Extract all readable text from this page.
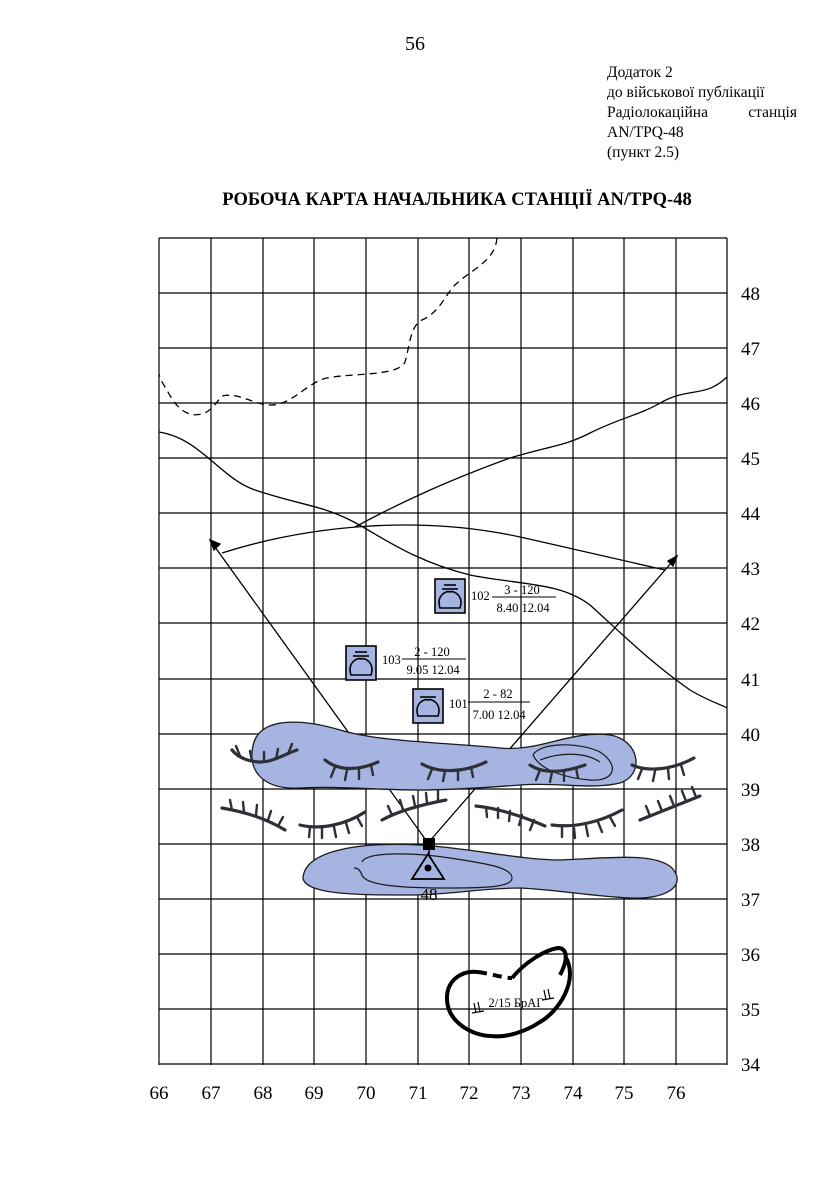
56
Додаток 2
до військової публікації
Радіолокаційна	станція
AN/TPQ-48
(пункт 2.5)
РОБОЧА КАРТА НАЧАЛЬНИКА СТАНЦІЇ AN/TPQ-48
48
47
46
45
44
43
42
41
40
39
38
37
36
35
34
66 67 68 69 70 71 72 73 74 75 76
102 3 - 120
8.40 12.04
103
2 - 120
9.05 12.04
101
2 - 82
7.00 12.04
48
2/15 БрАГ
